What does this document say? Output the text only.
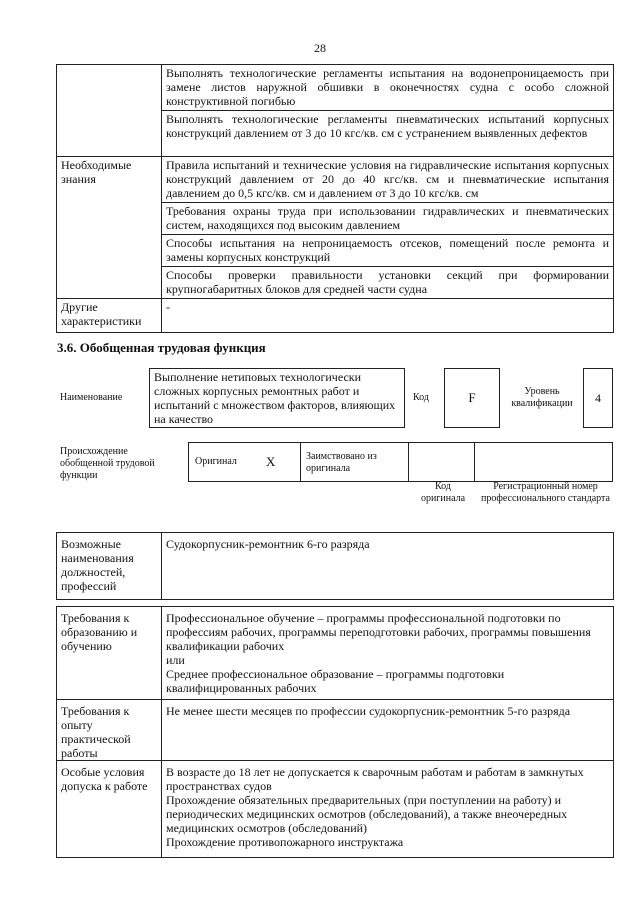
28
	Выполнять технологические регламенты испытания на водонепроницаемость при замене листов наружной обшивки в оконечностях судна с особо сложной конструктивной погибью
	Выполнять технологические регламенты пневматических испытаний корпусных конструкций давлением от 3 до 10 кгс/кв. см с устранением выявленных дефектов
Необходимые знания	Правила испытаний и технические условия на гидравлические испытания корпусных конструкций давлением от 20 до 40 кгс/кв. см и пневматические испытания давлением до 0,5 кгс/кв. см и давлением от 3 до 10 кгс/кв. см
	Требования охраны труда при использовании гидравлических и пневматических систем, находящихся под высоким давлением
	Способы испытания на непроницаемость отсеков, помещений после ремонта и замены корпусных конструкций
	Способы проверки правильности установки секций при формировании крупногабаритных блоков для средней части судна
Другие характеристики	-
3.6. Обобщенная трудовая функция
Наименование
Выполнение нетиповых технологически сложных корпусных ремонтных работ и испытаний с множеством факторов, влияющих на качество
Код	F	Уровень квалификации	4
Происхождение обобщенной трудовой функции
Оригинал X	Заимствовано из оригинала
Код оригинала
Регистрационный номер профессионального стандарта
Возможные наименования должностей, профессий	Судокорпусник-ремонтник 6-го разряда
Требования к образованию и обучению	Профессиональное обучение – программы профессиональной подготовки по профессиям рабочих, программы переподготовки рабочих, программы повышения квалификации рабочих
или
Среднее профессиональное образование – программы подготовки квалифицированных рабочих

Требования к опыту практической работы	Не менее шести месяцев по профессии судокорпусник-ремонтник 5-го разряда

Особые условия допуска к работе	В возрасте до 18 лет не допускается к сварочным работам и работам в замкнутых пространствах судов
Прохождение обязательных предварительных (при поступлении на работу) и периодических медицинских осмотров (обследований), а также внеочередных медицинских осмотров (обследований)
Прохождение противопожарного инструктажа
